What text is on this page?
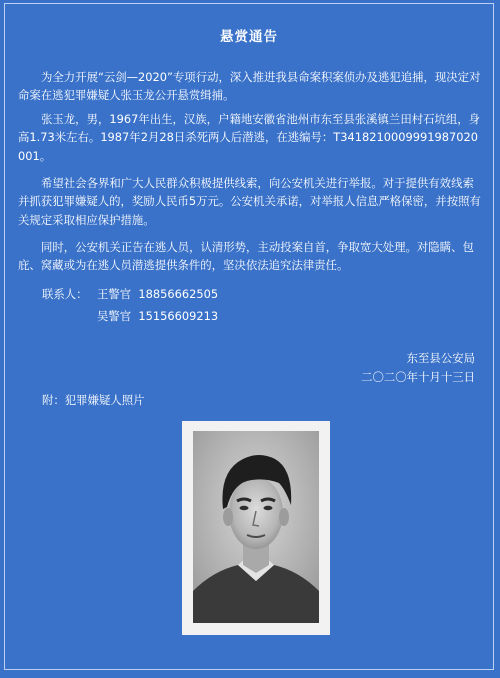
悬赏通告

为全力开展“云剑—2020”专项行动，深入推进我县命案积案侦办及逃犯追捕，现决定对命案在逃犯罪嫌疑人张玉龙公开悬赏缉捕。

张玉龙，男，1967年出生，汉族，户籍地安徽省池州市东至县张溪镇兰田村石坑组，身高1.73米左右。1987年2月28日杀死两人后潜逃，在逃编号：T3418210009991987020001。

希望社会各界和广大人民群众积极提供线索，向公安机关进行举报。对于提供有效线索并抓获犯罪嫌疑人的，奖励人民币5万元。公安机关承诺，对举报人信息严格保密，并按照有关规定采取相应保护措施。

同时，公安机关正告在逃人员，认清形势，主动投案自首，争取宽大处理。对隐瞒、包庇、窝藏或为在逃人员潜逃提供条件的，坚决依法追究法律责任。

联系人： 王警官  18856662505
吴警官  15156609213
东至县公安局
二〇二〇年十月十三日
附：犯罪嫌疑人照片
